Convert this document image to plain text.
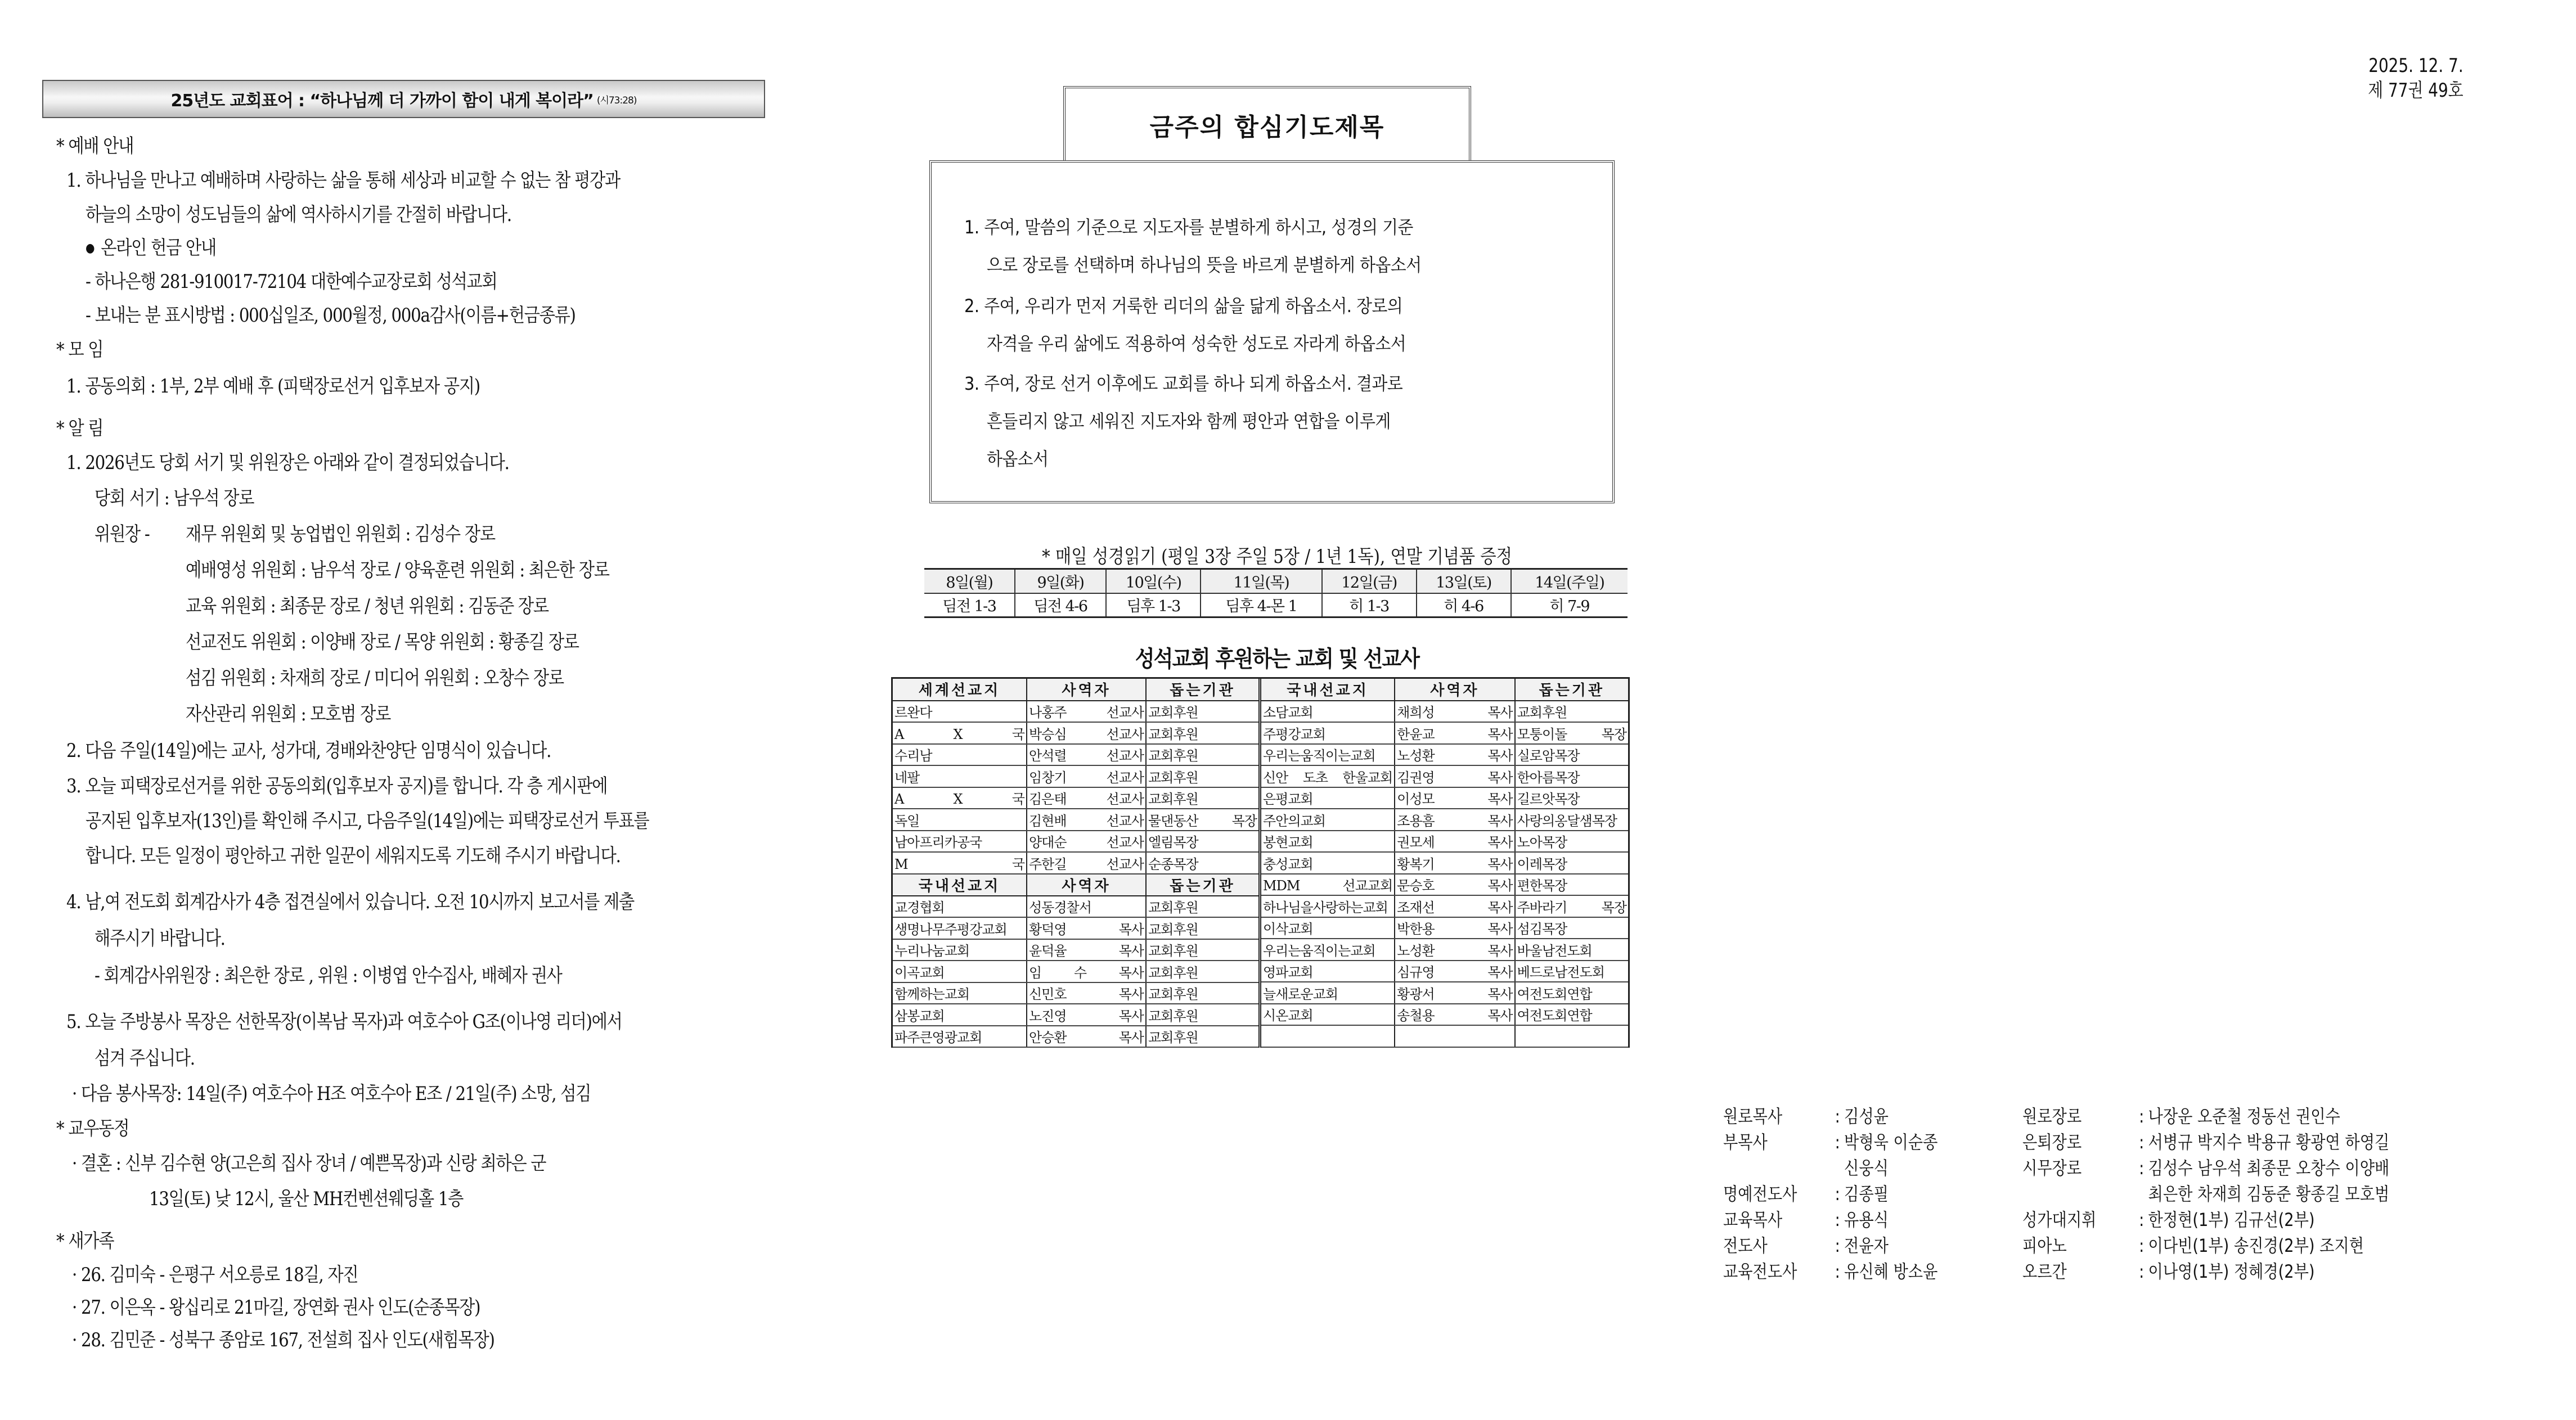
25년도 교회표어 : “하나님께 더 가까이 함이 내게 복이라” (시73:28)
* 예배 안내
1. 하나님을 만나고 예배하며 사랑하는 삶을 통해 세상과 비교할 수 없는 참 평강과
하늘의 소망이 성도님들의 삶에 역사하시기를 간절히 바랍니다.
● 온라인 헌금 안내
- 하나은행 281-910017-72104 대한예수교장로회 성석교회
- 보내는 분 표시방법 : 000십일조, 000월정, 000a감사(이름+헌금종류)
* 모 임
1. 공동의회 : 1부, 2부 예배 후 (피택장로선거 입후보자 공지)
* 알 림
1. 2026년도 당회 서기 및 위원장은 아래와 같이 결정되었습니다.
당회 서기 : 남우석 장로
위원장 - 재무 위원회 및 농업법인 위원회 : 김성수 장로
예배영성 위원회 : 남우석 장로 / 양육훈련 위원회 : 최은한 장로
교육 위원회 : 최종문 장로 / 청년 위원회 : 김동준 장로
선교전도 위원회 : 이양배 장로 / 목양 위원회 : 황종길 장로
섬김 위원회 : 차재희 장로 / 미디어 위원회 : 오창수 장로
자산관리 위원회 : 모호범 장로
2. 다음 주일(14일)에는 교사, 성가대, 경배와찬양단 임명식이 있습니다.
3. 오늘 피택장로선거를 위한 공동의회(입후보자 공지)를 합니다. 각 층 게시판에
공지된 입후보자(13인)를 확인해 주시고, 다음주일(14일)에는 피택장로선거 투표를
합니다. 모든 일정이 평안하고 귀한 일꾼이 세워지도록 기도해 주시기 바랍니다.
4. 남,여 전도회 회계감사가 4층 접견실에서 있습니다. 오전 10시까지 보고서를 제출
해주시기 바랍니다.
- 회계감사위원장 : 최은한 장로 , 위원 : 이병엽 안수집사, 배혜자 권사
5. 오늘 주방봉사 목장은 선한목장(이복남 목자)과 여호수아 G조(이나영 리더)에서
섬겨 주십니다.
· 다음 봉사목장: 14일(주) 여호수아 H조 여호수아 E조 / 21일(주) 소망, 섬김
* 교우동정
· 결혼 : 신부 김수현 양(고은희 집사 장녀 / 예쁜목장)과 신랑 최하은 군
13일(토) 낮 12시, 울산 MH컨벤션웨딩홀 1층
* 새가족
· 26. 김미숙 - 은평구 서오릉로 18길, 자진
· 27. 이은옥 - 왕십리로 21마길, 장연화 권사 인도(순종목장)
· 28. 김민준 - 성북구 종암로 167, 전설희 집사 인도(새힘목장)
2025. 12. 7.
제 77권 49호
금주의 합심기도제목
1. 주여, 말씀의 기준으로 지도자를 분별하게 하시고, 성경의 기준
으로 장로를 선택하며 하나님의 뜻을 바르게 분별하게 하옵소서
2. 주여, 우리가 먼저 거룩한 리더의 삶을 닮게 하옵소서. 장로의
자격을 우리 삶에도 적용하여 성숙한 성도로 자라게 하옵소서
3. 주여, 장로 선거 이후에도 교회를 하나 되게 하옵소서. 결과로
흔들리지 않고 세워진 지도자와 함께 평안과 연합을 이루게
하옵소서
* 매일 성경읽기 (평일 3장 주일 5장 / 1년 1독), 연말 기념품 증정
8일(월)	9일(화)	10일(수)	11일(목)	12일(금)	13일(토)	14일(주일)
딤전 1-3	딤전 4-6	딤후 1-3	딤후 4-몬 1	히 1-3	히 4-6	히 7-9
성석교회 후원하는 교회 및 선교사
세계선교지	사역자	돕는기관
르완다	나홍주 선교사	교회후원
A X 국	박승심 선교사	교회후원
수리남	안석렬 선교사	교회후원
네팔	임창기 선교사	교회후원
A X 국	김은태 선교사	교회후원
독일	김현배 선교사	물댄동산 목장
남아프리카공국	양대순 선교사	엘림목장
M 국	주한길 선교사	순종목장
국내선교지	사역자	돕는기관
교경협회	성동경찰서	교회후원
생명나무주평강교회	황덕영 목사	교회후원
누리나눔교회	윤덕율 목사	교회후원
이곡교회	임 수 목사	교회후원
함께하는교회	신민호 목사	교회후원
삼봉교회	노진영 목사	교회후원
파주큰영광교회	안승환 목사	교회후원
국내선교지	사역자	돕는기관
소담교회	채희성 목사	교회후원
주평강교회	한윤교 목사	모퉁이돌 목장
우리는움직이는교회	노성환 목사	실로암목장
신안 도초 한울교회	김권영 목사	한아름목장
은평교회	이성모 목사	길르앗목장
주안의교회	조용흠 목사	사랑의옹달샘목장
봉현교회	권모세 목사	노아목장
충성교회	황복기 목사	이레목장
MDM 선교교회	문승호 목사	편한목장
하나님을사랑하는교회	조재선 목사	주바라기 목장
이삭교회	박한용 목사	섬김목장
우리는움직이는교회	노성환 목사	바울남전도회
영파교회	심규영 목사	베드로남전도회
늘새로운교회	황광서 목사	여전도회연합
시온교회	송철용 목사	여전도회연합

원로목사	: 김성윤
부목사	: 박형욱 이순종
신웅식
명예전도사	: 김종필
교육목사	: 유용식
전도사	: 전윤자
교육전도사	: 유신혜 방소윤
원로장로	: 나장운 오준철 정동선 권인수
은퇴장로	: 서병규 박지수 박용규 황광연 하영길
시무장로	: 김성수 남우석 최종문 오창수 이양배
최은한 차재희 김동준 황종길 모호범
성가대지휘	: 한정현(1부) 김규선(2부)
피아노	: 이다빈(1부) 송진경(2부) 조지현
오르간	: 이나영(1부) 정혜경(2부)
